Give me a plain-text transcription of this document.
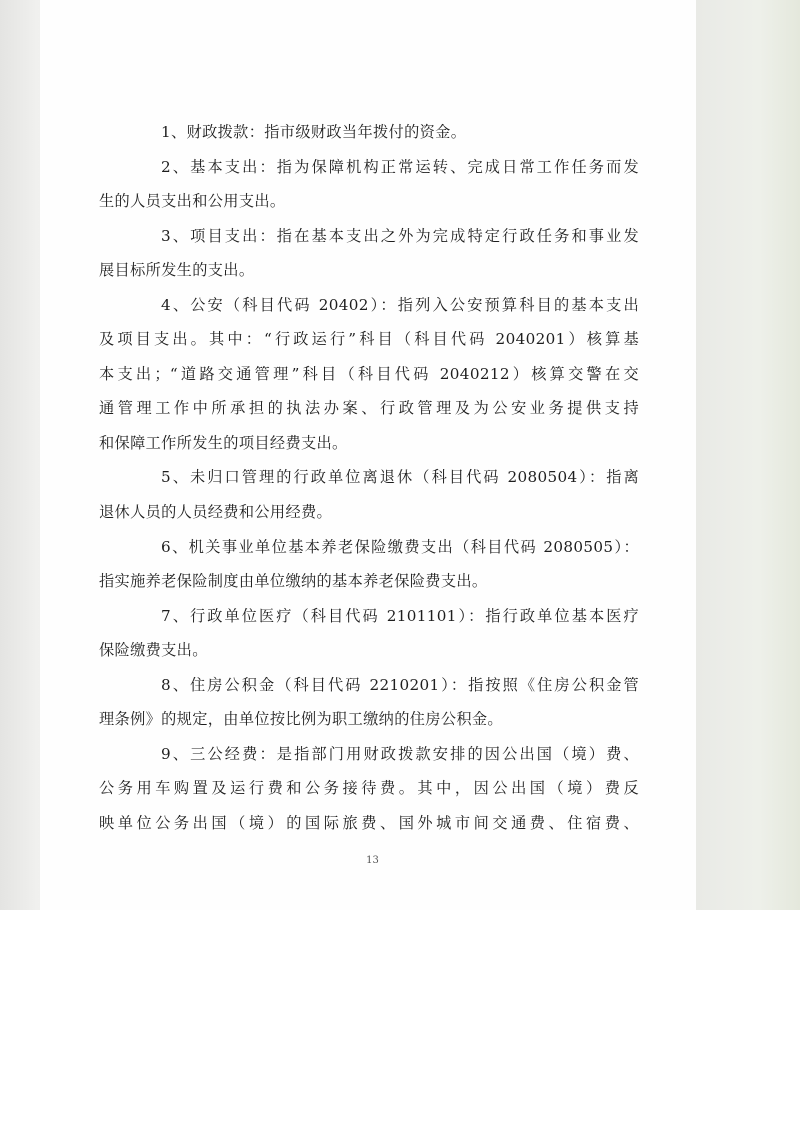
1、财政拨款：指市级财政当年拨付的资金。
2、基本支出：指为保障机构正常运转、完成日常工作任务而发
生的人员支出和公用支出。
3、项目支出：指在基本支出之外为完成特定行政任务和事业发
展目标所发生的支出。
4、公安（科目代码 20402）：指列入公安预算科目的基本支出
及项目支出。其中：“行政运行”科目（科目代码 2040201）核算基
本支出；“道路交通管理”科目（科目代码 2040212）核算交警在交
通管理工作中所承担的执法办案、行政管理及为公安业务提供支持
和保障工作所发生的项目经费支出。
5、未归口管理的行政单位离退休（科目代码 2080504）：指离
退休人员的人员经费和公用经费。
6、机关事业单位基本养老保险缴费支出（科目代码 2080505）：
指实施养老保险制度由单位缴纳的基本养老保险费支出。
7、行政单位医疗（科目代码 2101101）：指行政单位基本医疗
保险缴费支出。
8、住房公积金（科目代码 2210201）：指按照《住房公积金管
理条例》的规定，由单位按比例为职工缴纳的住房公积金。
9、三公经费：是指部门用财政拨款安排的因公出国（境）费、
公务用车购置及运行费和公务接待费。其中，因公出国（境）费反
映单位公务出国（境）的国际旅费、国外城市间交通费、住宿费、
13
